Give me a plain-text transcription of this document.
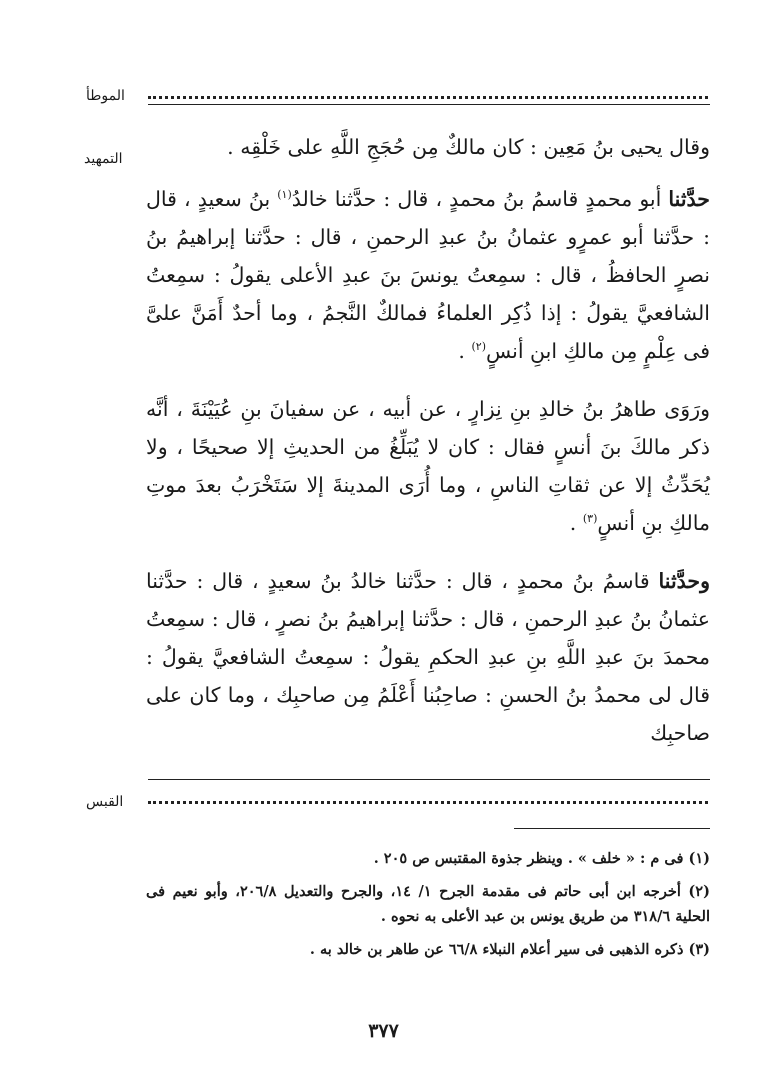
الموطأ
التمهيد	وقال يحيى بنُ مَعِين : كان مالكٌ مِن حُجَجِ اللَّهِ على خَلْقِه .

حدَّثنا أبو محمدٍ قاسمُ بنُ محمدٍ ، قال : حدَّثنا خالدُ$^{(١)}$ بنُ سعيدٍ ، قال : حدَّثنا أبو عمرٍو عثمانُ بنُ عبدِ الرحمنِ ، قال : حدَّثنا إبراهيمُ بنُ نصرٍ الحافظُ ، قال : سمِعتُ يونسَ بنَ عبدِ الأعلى يقولُ : سمِعتُ الشافعيَّ يقولُ : إذا ذُكِر العلماءُ فمالكٌ النَّجمُ ، وما أحدٌ أَمَنَّ علىَّ فى عِلْمٍ مِن مالكِ ابنِ أنسٍ$^{(٢)}$ .

ورَوَى طاهرُ بنُ خالدِ بنِ نِزارٍ ، عن أبيه ، عن سفيانَ بنِ عُيَيْنَةَ ، أنَّه ذكر مالكَ بنَ أنسٍ فقال : كان لا يُبَلِّغُ من الحديثِ إلا صحيحًا ، ولا يُحَدِّثُ إلا عن ثقاتِ الناسِ ، وما أُرَى المدينةَ إلا سَتَخْرَبُ بعدَ موتِ مالكِ بنِ أنسٍ$^{(٣)}$ .

وحدَّثنا قاسمُ بنُ محمدٍ ، قال : حدَّثنا خالدُ بنُ سعيدٍ ، قال : حدَّثنا عثمانُ بنُ عبدِ الرحمنِ ، قال : حدَّثنا إبراهيمُ بنُ نصرٍ ، قال : سمِعتُ محمدَ بنَ عبدِ اللَّهِ بنِ عبدِ الحكمِ يقولُ : سمِعتُ الشافعيَّ يقولُ : قال لى محمدُ بنُ الحسنِ : صاحِبُنا أَعْلَمُ مِن صاحبِك ، وما كان على صاحبِك

القبس

(١) فى م : « خلف » . وينظر جذوة المقتبس ص ٢٠٥ .

(٢) أخرجه ابن أبى حاتم فى مقدمة الجرح ١/ ١٤، والجرح والتعديل ٢٠٦/٨، وأبو نعيم فى الحلية ٣١٨/٦ من طريق يونس بن عبد الأعلى به نحوه .

(٣) ذكره الذهبى فى سير أعلام النبلاء ٦٦/٨ عن طاهر بن خالد به .

٣٧٧
